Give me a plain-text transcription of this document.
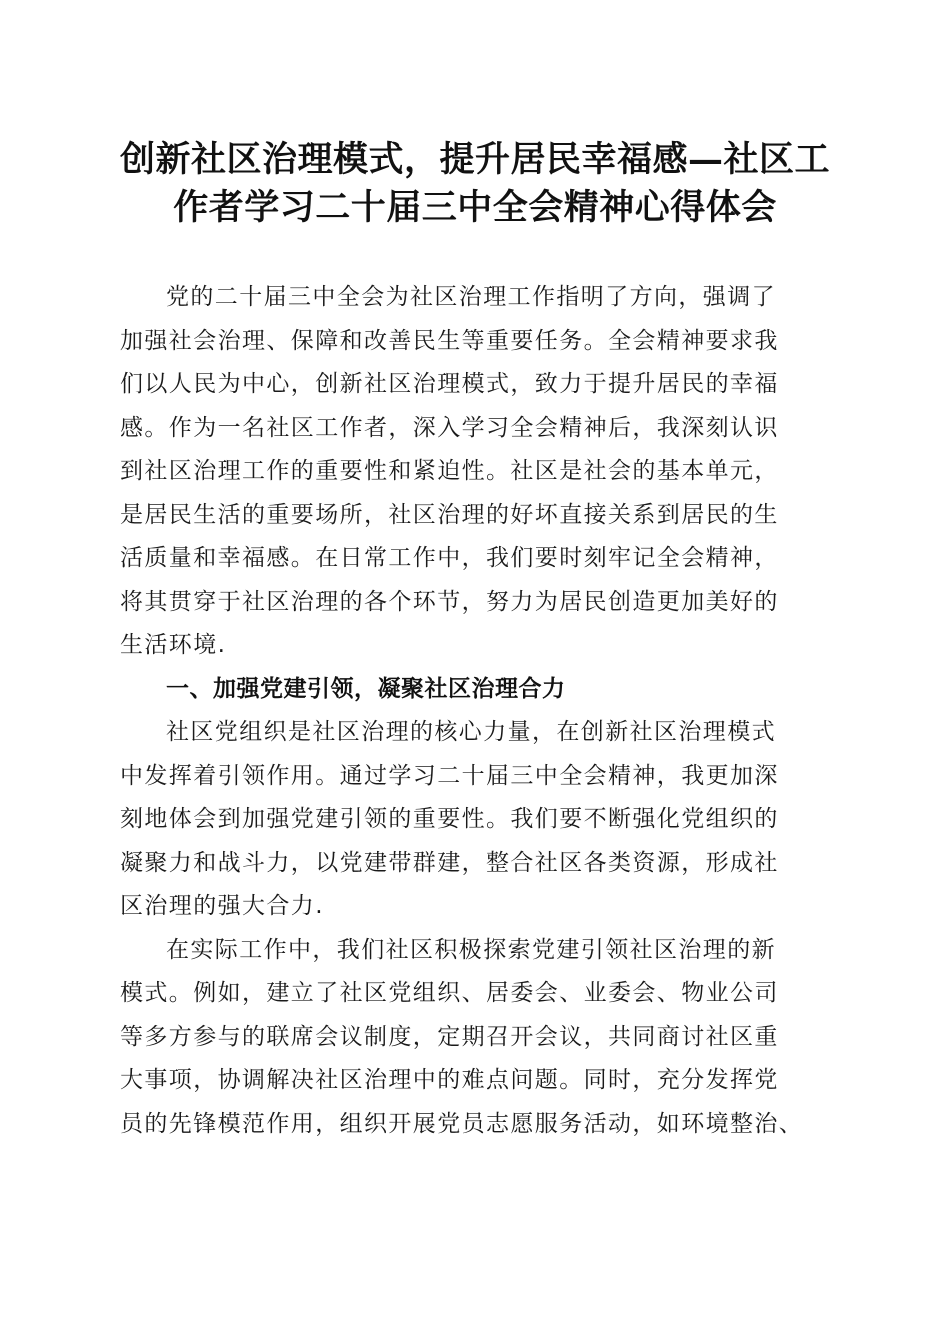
创新社区治理模式，提升居民幸福感—社区工
作者学习二十届三中全会精神心得体会

党的二十届三中全会为社区治理工作指明了方向，强调了
加强社会治理、保障和改善民生等重要任务。全会精神要求我
们以人民为中心，创新社区治理模式，致力于提升居民的幸福
感。作为一名社区工作者，深入学习全会精神后，我深刻认识
到社区治理工作的重要性和紧迫性。社区是社会的基本单元，
是居民生活的重要场所，社区治理的好坏直接关系到居民的生
活质量和幸福感。在日常工作中，我们要时刻牢记全会精神，
将其贯穿于社区治理的各个环节，努力为居民创造更加美好的
生活环境.

一、加强党建引领，凝聚社区治理合力

社区党组织是社区治理的核心力量，在创新社区治理模式
中发挥着引领作用。通过学习二十届三中全会精神，我更加深
刻地体会到加强党建引领的重要性。我们要不断强化党组织的
凝聚力和战斗力，以党建带群建，整合社区各类资源，形成社
区治理的强大合力.

在实际工作中，我们社区积极探索党建引领社区治理的新
模式。例如，建立了社区党组织、居委会、业委会、物业公司
等多方参与的联席会议制度，定期召开会议，共同商讨社区重
大事项，协调解决社区治理中的难点问题。同时，充分发挥党
员的先锋模范作用，组织开展党员志愿服务活动，如环境整治、
